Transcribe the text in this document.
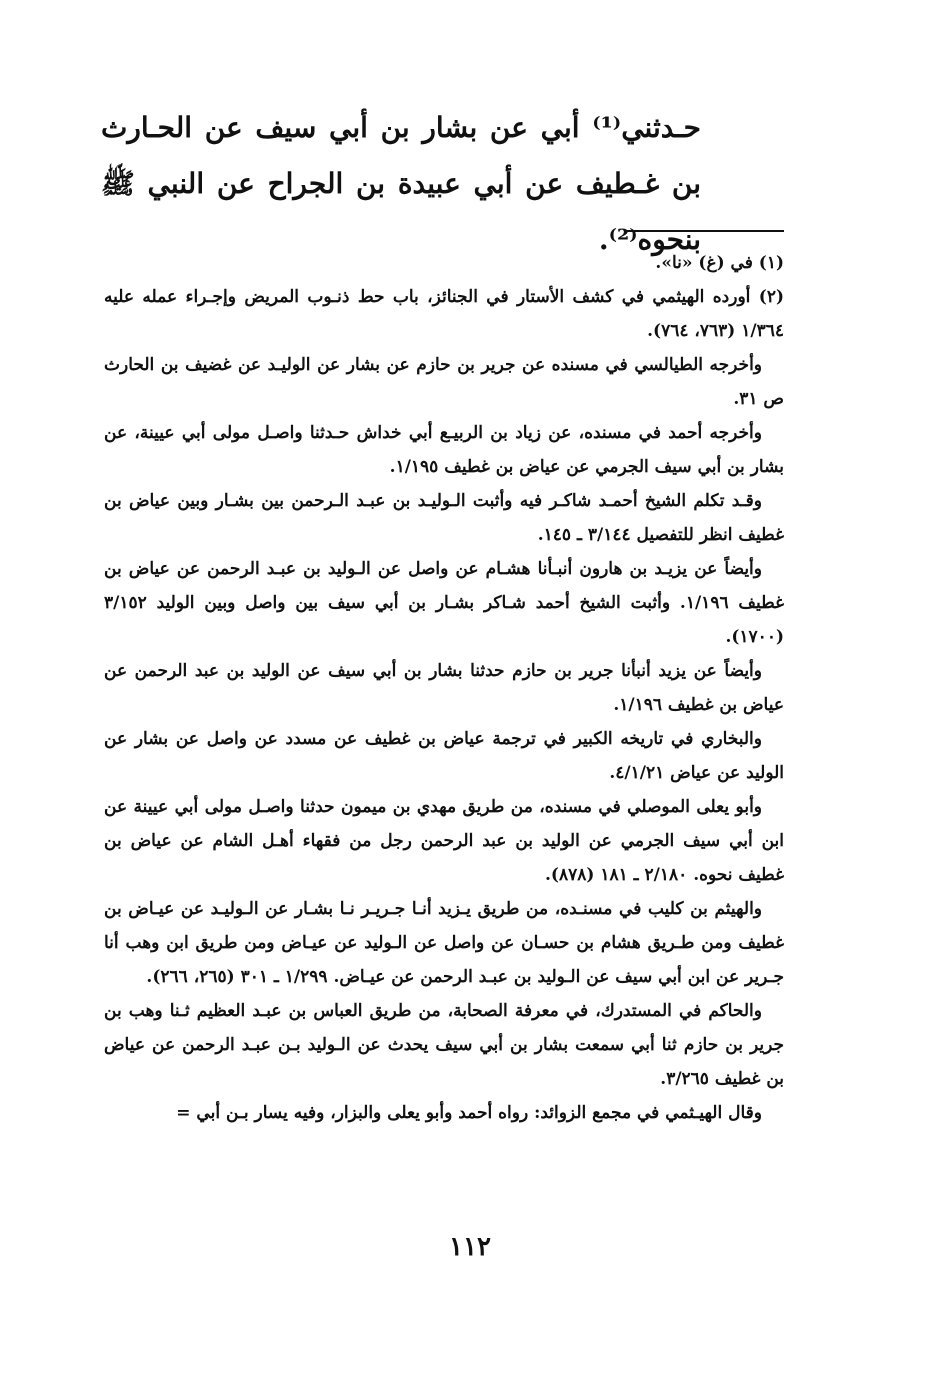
حـدثني⁽¹⁾ أبي عن بشار بن أبي سيف عن الحـارث بن غـطيف عن أبي عبيدة بن الجراح عن النبي ﷺ بنحوه⁽²⁾.

(١) في (غ) «نا».

(٢) أورده الهيثمي في كشف الأستار في الجنائز، باب حط ذنـوب المريض وإجـراء عمله عليه ١/٣٦٤ (٧٦٣، ٧٦٤).

وأخرجه الطيالسي في مسنده عن جرير بن حازم عن بشار عن الوليـد عن غضيف بن الحارث ص ٣١.

وأخرجه أحمد في مسنده، عن زياد بن الربيـع أبي خداش حـدثنا واصـل مولى أبي عيينة، عن بشار بن أبي سيف الجرمي عن عياض بن غطيف ١/١٩٥.

وقـد تكلم الشيخ أحمـد شاكـر فيه وأثبت الـوليـد بن عبـد الـرحمن بين بشـار وبين عياض بن غطيف انظر للتفصيل ٣/١٤٤ ـ ١٤٥.

وأيضاً عن يزيـد بن هارون أنبـأنا هشـام عن واصل عن الـوليد بن عبـد الرحمن عن عياض بن غطيف ١/١٩٦. وأثبت الشيخ أحمد شـاكر بشـار بن أبي سيف بين واصل وبين الوليد ٣/١٥٢ (١٧٠٠).

وأيضاً عن يزيد أنبأنا جرير بن حازم حدثنا بشار بن أبي سيف عن الوليد بن عبد الرحمن عن عياض بن غطيف ١/١٩٦.

والبخاري في تاريخه الكبير في ترجمة عياض بن غطيف عن مسدد عن واصل عن بشار عن الوليد عن عياض ٤/١/٢١.

وأبو يعلى الموصلي في مسنده، من طريق مهدي بن ميمون حدثنا واصـل مولى أبي عيينة عن ابن أبي سيف الجرمي عن الوليد بن عبد الرحمن رجل من فقهاء أهـل الشام عن عياض بن غطيف نحوه. ٢/١٨٠ ـ ١٨١ (٨٧٨).

والهيثم بن كليب في مسنـده، من طريق يـزيد أنـا جـريـر نـا بشـار عن الـوليـد عن عيـاض بن غطيف ومن طـريق هشام بن حسـان عن واصل عن الـوليد عن عيـاض ومن طريق ابن وهب أنا جـرير عن ابن أبي سيف عن الـوليد بن عبـد الرحمن عن عيـاض. ١/٢٩٩ ـ ٣٠١ (٢٦٥، ٢٦٦).

والحاكم في المستدرك، في معرفة الصحابة، من طريق العباس بن عبـد العظيم ثـنا وهب بن جرير بن حازم ثنا أبي سمعت بشار بن أبي سيف يحدث عن الـوليد بـن عبـد الرحمن عن عياض بن غطيف ٣/٢٦٥.

وقال الهيـثمي في مجمع الزوائد: رواه أحمد وأبو يعلى والبزار، وفيه يسار بـن أبي =

١١٢
